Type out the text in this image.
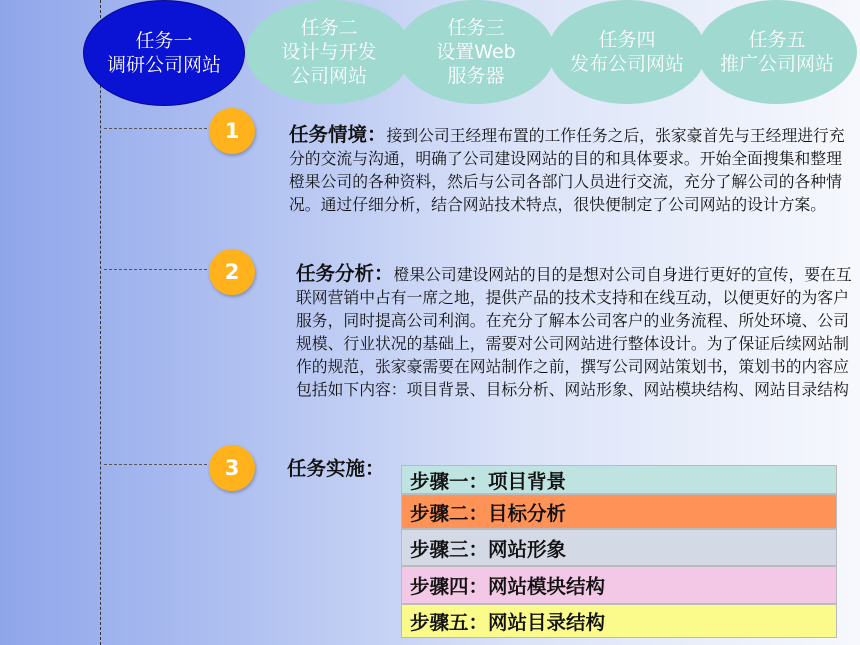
任务一
调研公司网站
任务二
设计与开发
公司网站
任务三
设置Web
服务器
任务四
发布公司网站
任务五
推广公司网站
1	任务情境：接到公司王经理布置的工作任务之后，张家豪首先与王经理进行充分的交流与沟通，明确了公司建设网站的目的和具体要求。开始全面搜集和整理橙果公司的各种资料，然后与公司各部门人员进行交流，充分了解公司的各种情况。通过仔细分析，结合网站技术特点，很快便制定了公司网站的设计方案。
2	任务分析：橙果公司建设网站的目的是想对公司自身进行更好的宣传，要在互联网营销中占有一席之地，提供产品的技术支持和在线互动，以便更好的为客户服务，同时提高公司利润。在充分了解本公司客户的业务流程、所处环境、公司规模、行业状况的基础上，需要对公司网站进行整体设计。为了保证后续网站制作的规范，张家豪需要在网站制作之前，撰写公司网站策划书，策划书的内容应包括如下内容：项目背景、目标分析、网站形象、网站模块结构、网站目录结构
3	任务实施：
步骤一：项目背景
步骤二：目标分析
步骤三：网站形象
步骤四：网站模块结构
步骤五：网站目录结构
